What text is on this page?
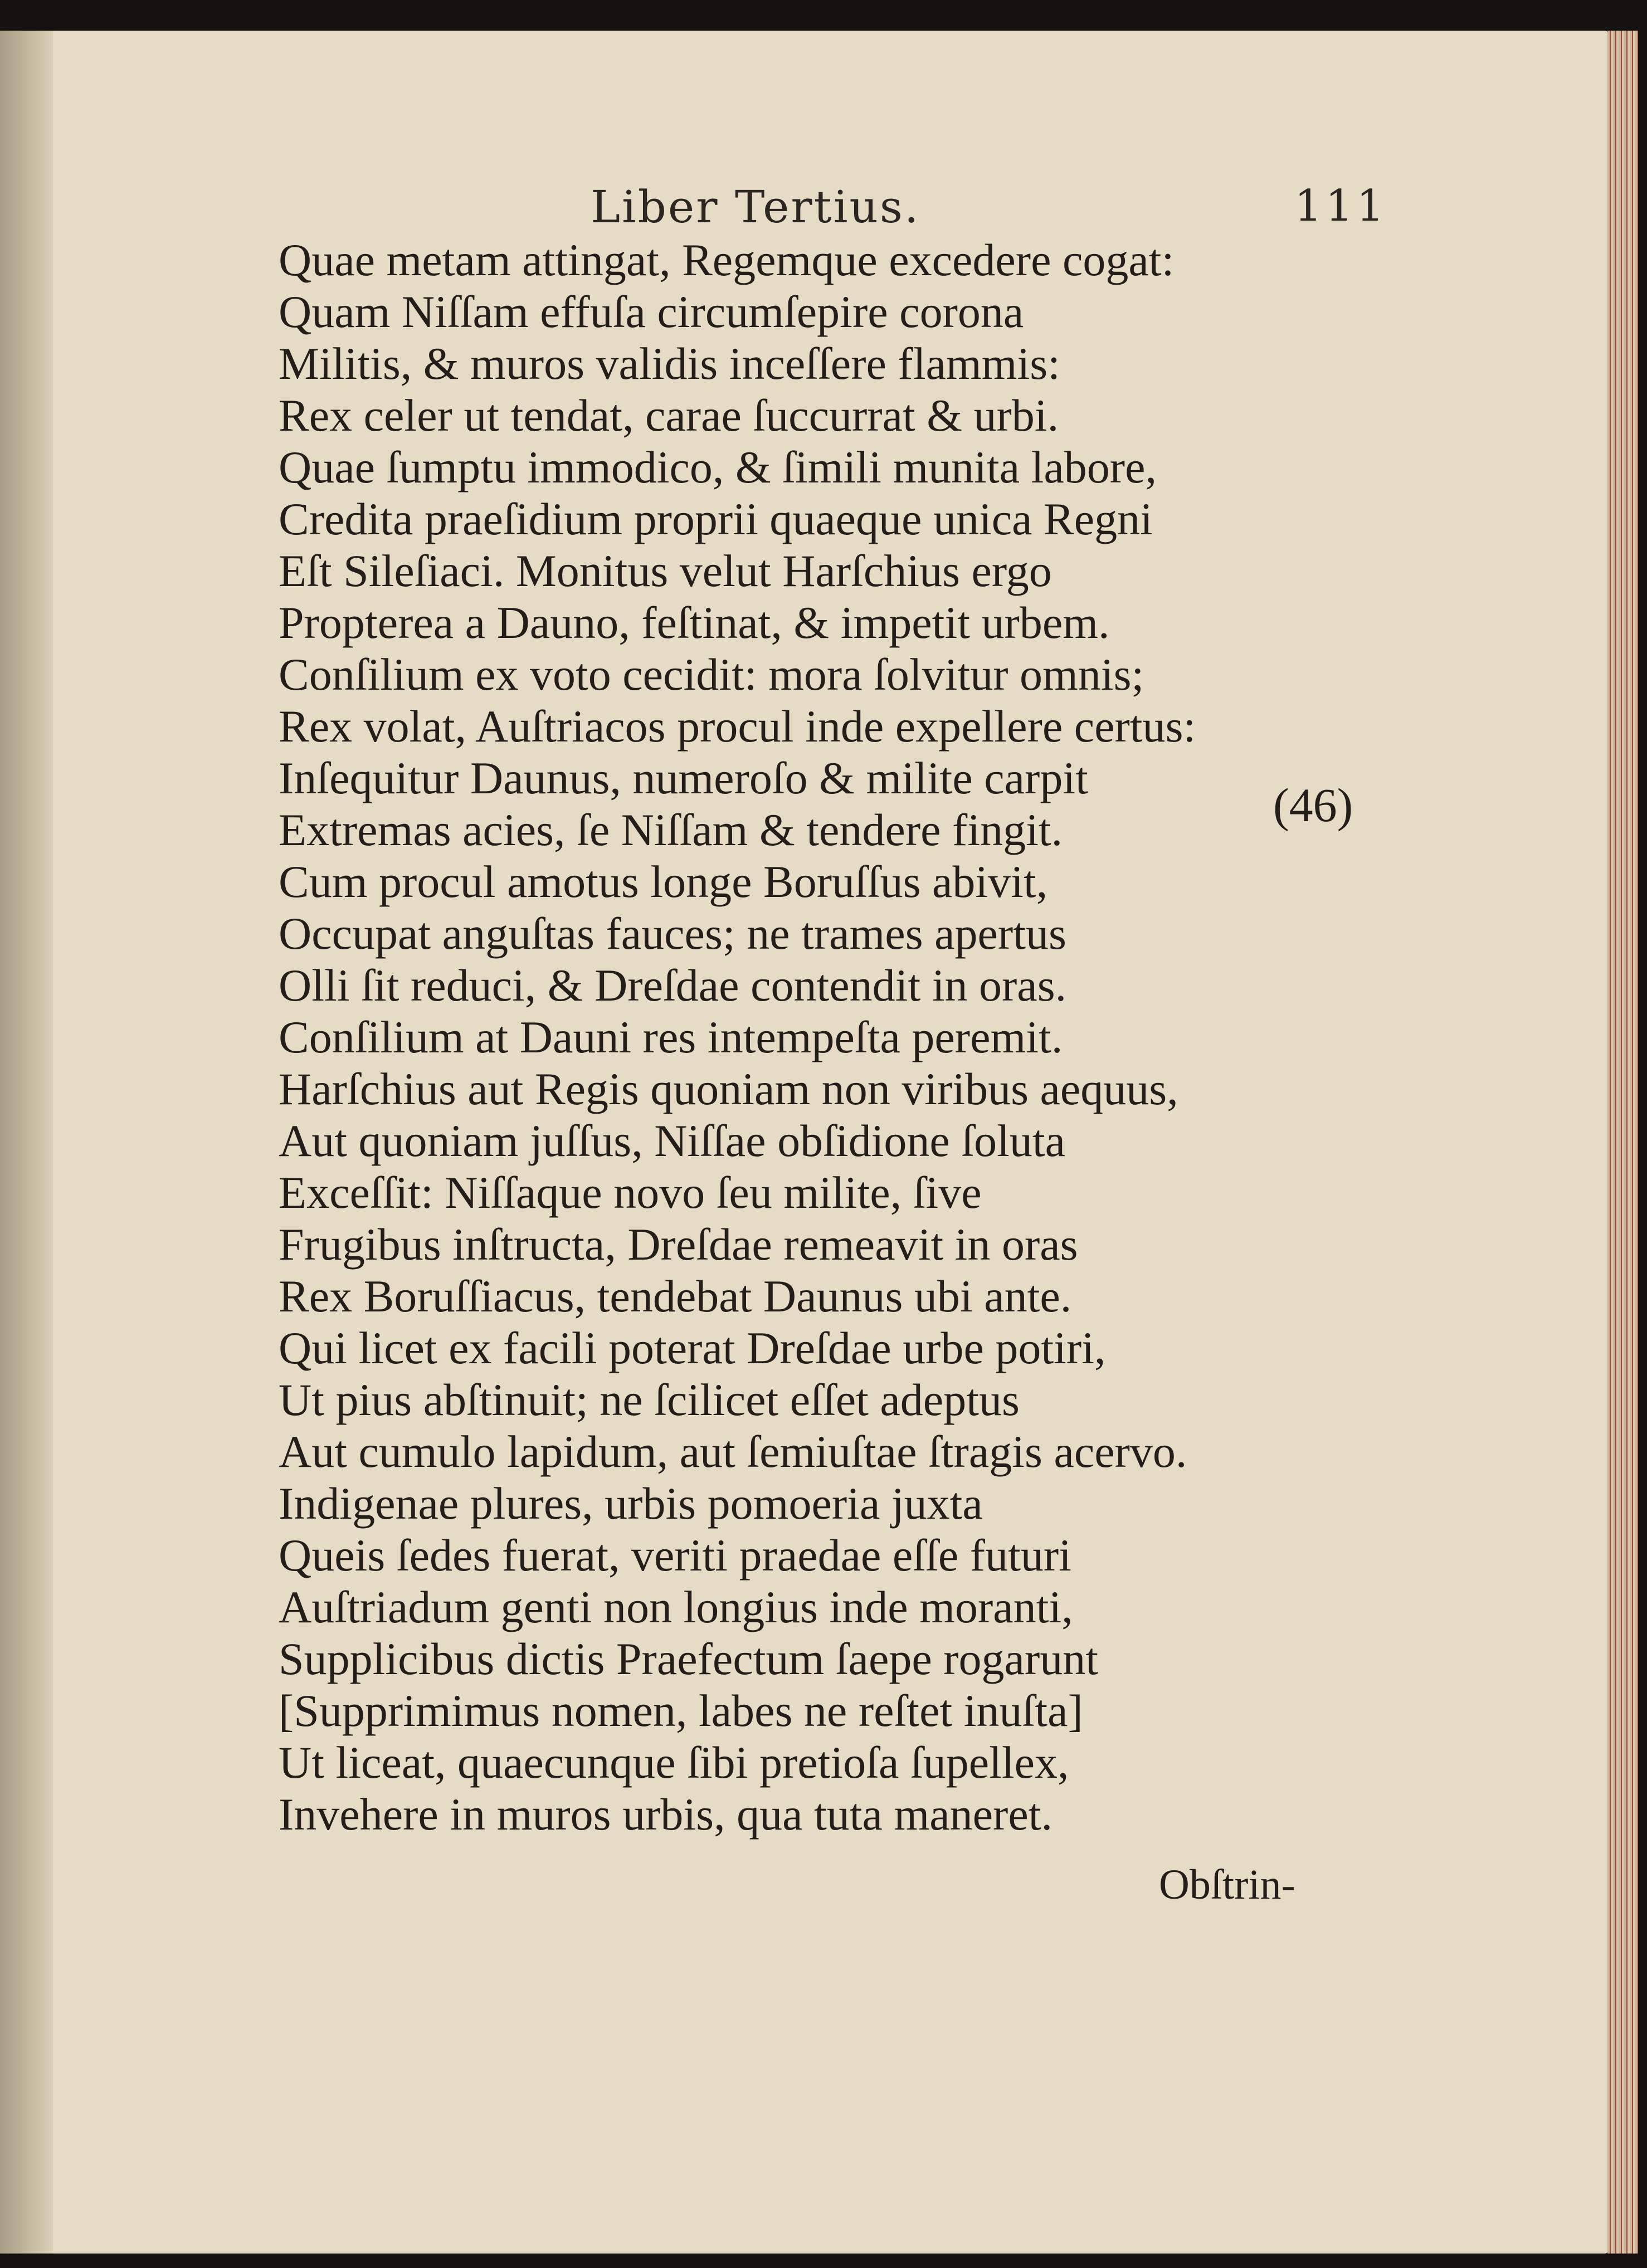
Liber Tertius.	111
Quae metam attingat, Regemque excedere cogat:
Quam Niſſam effuſa circumſepire corona
Militis, & muros validis inceſſere flammis:
Rex celer ut tendat, carae ſuccurrat & urbi.
Quae ſumptu immodico, & ſimili munita labore,
Credita praeſidium proprii quaeque unica Regni
Eſt Sileſiaci. Monitus velut Harſchius ergo
Propterea a Dauno, feſtinat, & impetit urbem.
Conſilium ex voto cecidit: mora ſolvitur omnis;
Rex volat, Auſtriacos procul inde expellere certus:
Inſequitur Daunus, numeroſo & milite carpit
Extremas acies, ſe Niſſam & tendere fingit.
Cum procul amotus longe Boruſſus abivit,
Occupat anguſtas fauces; ne trames apertus
Olli ſit reduci, & Dreſdae contendit in oras.
Conſilium at Dauni res intempeſta peremit.
Harſchius aut Regis quoniam non viribus aequus,
Aut quoniam juſſus, Niſſae obſidione ſoluta
Exceſſit: Niſſaque novo ſeu milite, ſive
Frugibus inſtructa, Dreſdae remeavit in oras
Rex Boruſſiacus, tendebat Daunus ubi ante.
Qui licet ex facili poterat Dreſdae urbe potiri,
Ut pius abſtinuit; ne ſcilicet eſſet adeptus
Aut cumulo lapidum, aut ſemiuſtae ſtragis acervo.
Indigenae plures, urbis pomoeria juxta
Queis ſedes fuerat, veriti praedae eſſe futuri
Auſtriadum genti non longius inde moranti,
Supplicibus dictis Praefectum ſaepe rogarunt
[Supprimimus nomen, labes ne reſtet inuſta]
Ut liceat, quaecunque ſibi pretioſa ſupellex,
Invehere in muros urbis, qua tuta maneret.
(46)
Obſtrin-
